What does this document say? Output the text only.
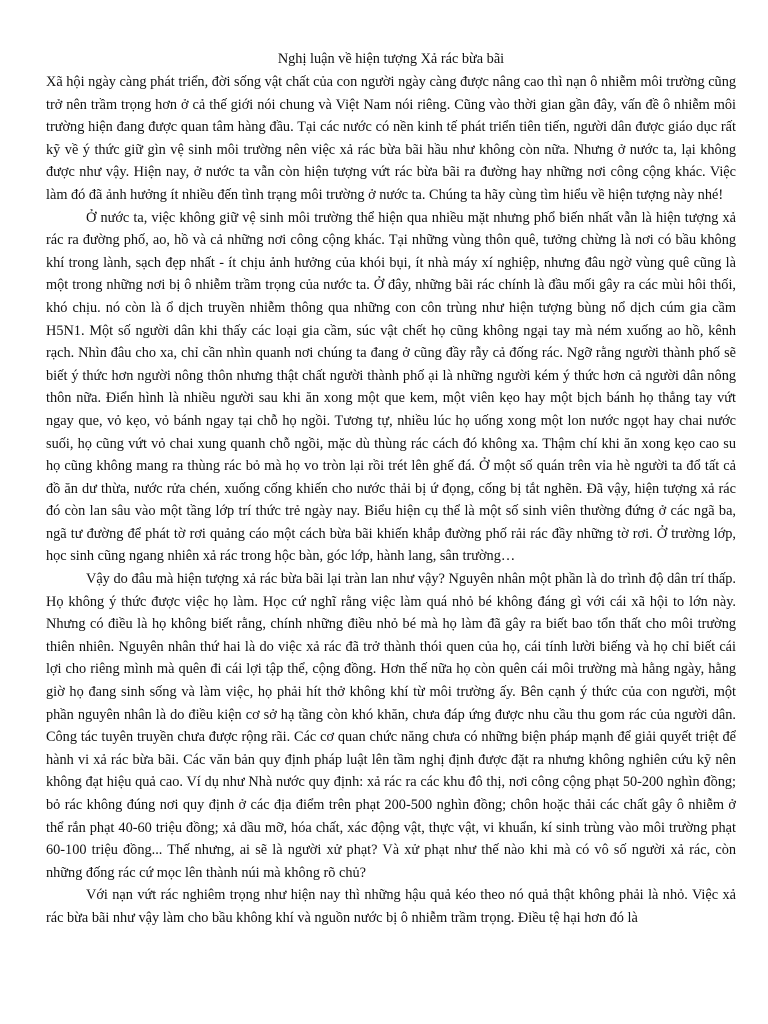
Nghị luận về hiện tượng Xả rác bừa bãi

Xã hội ngày càng phát triển, đời sống vật chất của con người ngày càng được nâng cao thì nạn ô nhiễm môi trường cũng trở nên trầm trọng hơn ở cả thế giới nói chung và Việt Nam nói riêng. Cũng vào thời gian gần đây, vấn đề ô nhiễm môi trường hiện đang được quan tâm hàng đầu. Tại các nước có nền kinh tế phát triển tiên tiến, người dân được giáo dục rất kỹ về ý thức giữ gìn vệ sinh môi trường nên việc xả rác bừa bãi hầu như không còn nữa. Nhưng ở nước ta, lại không được như vậy. Hiện nay, ở nước ta vẫn còn hiện tượng vứt rác bừa bãi ra đường hay những nơi công cộng khác. Việc làm đó đã ảnh hưởng ít nhiều đến tình trạng môi trường ở nước ta. Chúng ta hãy cùng tìm hiểu về hiện tượng này nhé!

Ở nước ta, việc không giữ vệ sinh môi trường thể hiện qua nhiều mặt nhưng phổ biến nhất vẫn là hiện tượng xả rác ra đường phố, ao, hồ và cả những nơi công cộng khác. Tại những vùng thôn quê, tưởng chừng là nơi có bầu không khí trong lành, sạch đẹp nhất - ít chịu ảnh hưởng của khói bụi, ít nhà máy xí nghiệp, nhưng đâu ngờ vùng quê cũng là một trong những nơi bị ô nhiễm trầm trọng của nước ta. Ở đây, những bãi rác chính là đầu mối gây ra các mùi hôi thối, khó chịu. nó còn là ổ dịch truyền nhiễm thông qua những con côn trùng như hiện tượng bùng nổ dịch cúm gia cầm H5N1. Một số người dân khi thấy các loại gia cầm, súc vật chết họ cũng không ngại tay mà ném xuống ao hồ, kênh rạch. Nhìn đâu cho xa, chỉ cần nhìn quanh nơi chúng ta đang ở cũng đầy rẫy cả đống rác. Ngỡ rằng người thành phố sẽ biết ý thức hơn người nông thôn nhưng thật chất người thành phố ại là những người kém ý thức hơn cả người dân nông thôn nữa. Điển hình là nhiều người sau khi ăn xong một que kem, một viên kẹo hay một bịch bánh họ thẳng tay vứt ngay que, vỏ kẹo, vỏ bánh ngay tại chỗ họ ngồi. Tương tự, nhiều lúc họ uống xong một lon nước ngọt hay chai nước suối, họ cũng vứt vỏ chai xung quanh chỗ ngồi, mặc dù thùng rác cách đó không xa. Thậm chí khi ăn xong kẹo cao su họ cũng không mang ra thùng rác bỏ mà họ vo tròn lại rồi trét lên ghế đá. Ở một số quán trên vỉa hè người ta đổ tất cả đồ ăn dư thừa, nước rửa chén, xuống cống khiến cho nước thải bị ứ đọng, cống bị tắt nghẽn. Đã vậy, hiện tượng xả rác đó còn lan sâu vào một tầng lớp trí thức trẻ ngày nay. Biểu hiện cụ thể là một số sinh viên thường đứng ở các ngã ba, ngã tư đường để phát tờ rơi quảng cáo một cách bừa bãi khiến khắp đường phố rải rác đầy những tờ rơi. Ở trường lớp, học sinh cũng ngang nhiên xả rác trong hộc bàn, góc lớp, hành lang, sân trường…

Vậy do đâu mà hiện tượng xả rác bừa bãi lại tràn lan như vậy? Nguyên nhân một phần là do trình độ dân trí thấp. Họ không ý thức được việc họ làm. Học cứ nghĩ rằng việc làm quá nhỏ bé không đáng gì với cái xã hội to lớn này. Nhưng có điều là họ không biết rằng, chính những điều nhỏ bé mà họ làm đã gây ra biết bao tổn thất cho môi trường thiên nhiên. Nguyên nhân thứ hai là do việc xả rác đã trở thành thói quen của họ, cái tính lười biếng và họ chỉ biết cái lợi cho riêng mình mà quên đi cái lợi tập thể, cộng đồng. Hơn thế nữa họ còn quên cái môi trường mà hằng ngày, hằng giờ họ đang sinh sống và làm việc, họ phải hít thở không khí từ môi trường ấy. Bên cạnh ý thức của con người, một phần nguyên nhân là do điều kiện cơ sở hạ tầng còn khó khăn, chưa đáp ứng được nhu cầu thu gom rác của người dân. Công tác tuyên truyền chưa được rộng rãi. Các cơ quan chức năng chưa có những biện pháp mạnh để giải quyết triệt để hành vi xả rác bừa bãi. Các văn bản quy định pháp luật lên tầm nghị định được đặt ra nhưng không nghiên cứu kỹ nên không đạt hiệu quả cao. Ví dụ như Nhà nước quy định: xả rác ra các khu đô thị, nơi công cộng phạt 50-200 nghìn đồng; bỏ rác không đúng nơi quy định ở các địa điểm trên phạt 200-500 nghìn đồng; chôn hoặc thải các chất gây ô nhiễm ở thể rắn phạt 40-60 triệu đồng; xả dầu mỡ, hóa chất, xác động vật, thực vật, vi khuẩn, kí sinh trùng vào môi trường phạt 60-100 triệu đồng... Thế nhưng, ai sẽ là người xử phạt? Và xử phạt như thế nào khi mà có vô số người xả rác, còn những đống rác cứ mọc lên thành núi mà không rõ chủ?

Với nạn vứt rác nghiêm trọng như hiện nay thì những hậu quả kéo theo nó quả thật không phải là nhỏ. Việc xả rác bừa bãi như vậy làm cho bầu không khí và nguồn nước bị ô nhiễm trầm trọng. Điều tệ hại hơn đó là
